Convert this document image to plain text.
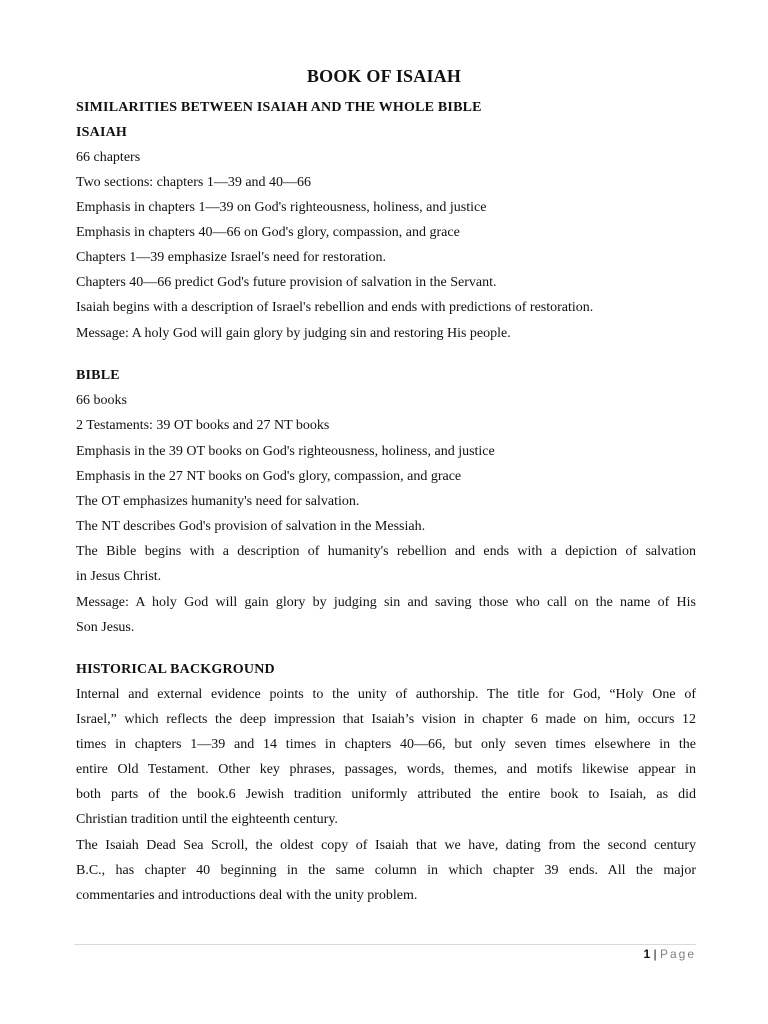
BOOK OF ISAIAH
SIMILARITIES BETWEEN ISAIAH AND THE WHOLE BIBLE
ISAIAH
66 chapters
Two sections: chapters 1—39 and 40—66
Emphasis in chapters 1—39 on God's righteousness, holiness, and justice
Emphasis in chapters 40—66 on God's glory, compassion, and grace
Chapters 1—39 emphasize Israel's need for restoration.
Chapters 40—66 predict God's future provision of salvation in the Servant.
Isaiah begins with a description of Israel's rebellion and ends with predictions of restoration.
Message: A holy God will gain glory by judging sin and restoring His people.
BIBLE
66 books
2 Testaments: 39 OT books and 27 NT books
Emphasis in the 39 OT books on God's righteousness, holiness, and justice
Emphasis in the 27 NT books on God's glory, compassion, and grace
The OT emphasizes humanity's need for salvation.
The NT describes God's provision of salvation in the Messiah.
The Bible begins with a description of humanity's rebellion and ends with a depiction of salvation
in Jesus Christ.
Message: A holy God will gain glory by judging sin and saving those who call on the name of His
Son Jesus.
HISTORICAL BACKGROUND
Internal and external evidence points to the unity of authorship. The title for God, “Holy One of
Israel,” which reflects the deep impression that Isaiah’s vision in chapter 6 made on him, occurs 12
times in chapters 1—39 and 14 times in chapters 40—66, but only seven times elsewhere in the
entire Old Testament. Other key phrases, passages, words, themes, and motifs likewise appear in
both parts of the book.6 Jewish tradition uniformly attributed the entire book to Isaiah, as did
Christian tradition until the eighteenth century.
The Isaiah Dead Sea Scroll, the oldest copy of Isaiah that we have, dating from the second century
B.C., has chapter 40 beginning in the same column in which chapter 39 ends. All the major
commentaries and introductions deal with the unity problem.
1 | Page
